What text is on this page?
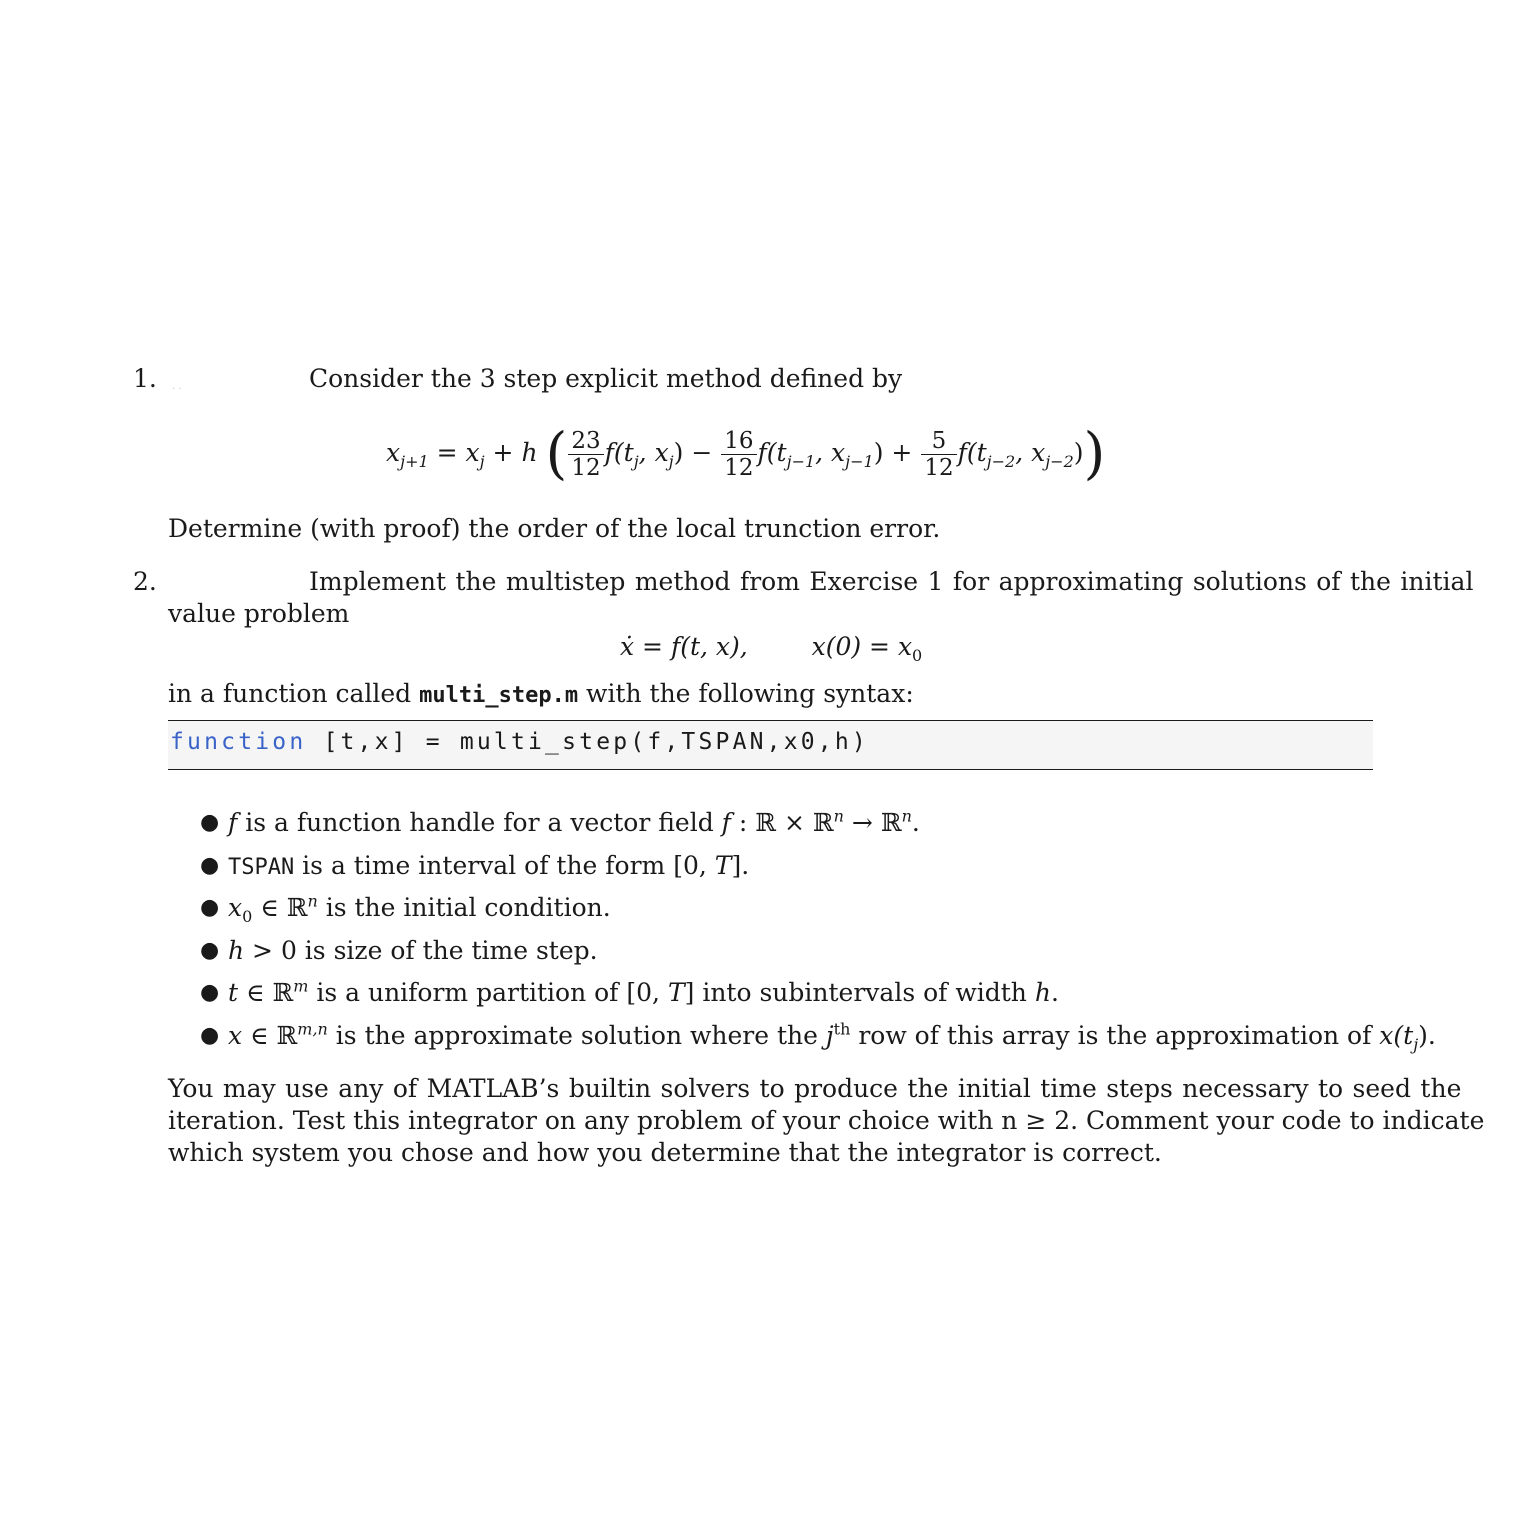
1. · ·	Consider the 3 step explicit method defined by
$x_{j+1} = x_j + h$ ( $\frac{23}{12} f(t_j$, $x_j) - \frac{16}{12} f(t_{j-1}$, $x_{j-1}) + \frac{5}{12} f(t_{j-2}$, $x_{j-2}$))
Determine (with proof) the order of the local trunction error.
2.	Implement the multistep method from Exercise 1 for approximating solutions of the initial
value problem
ẋ = f(t, x),	$x(0) = x_0$
in a function called multi_step.m with the following syntax:
function [t,x] = multi_step(f,TSPAN,x0,h)
● f is a function handle for a vector field f : ℝ × ℝ$^n$ → ℝ$^n$.
● TSPAN is a time interval of the form [0, T].
● $x_0$ ∈ ℝ$^n$ is the initial condition.
● h > 0 is size of the time step.
● t ∈ ℝ$^m$ is a uniform partition of [0, T] into subintervals of width h.
● x ∈ ℝ$^{m,n}$ is the approximate solution where the $j^{th}$ row of this array is the approximation of $x(t_j)$.
You may use any of MATLAB’s builtin solvers to produce the initial time steps necessary to seed the
iteration. Test this integrator on any problem of your choice with n ≥ 2. Comment your code to indicate
which system you chose and how you determine that the integrator is correct.
